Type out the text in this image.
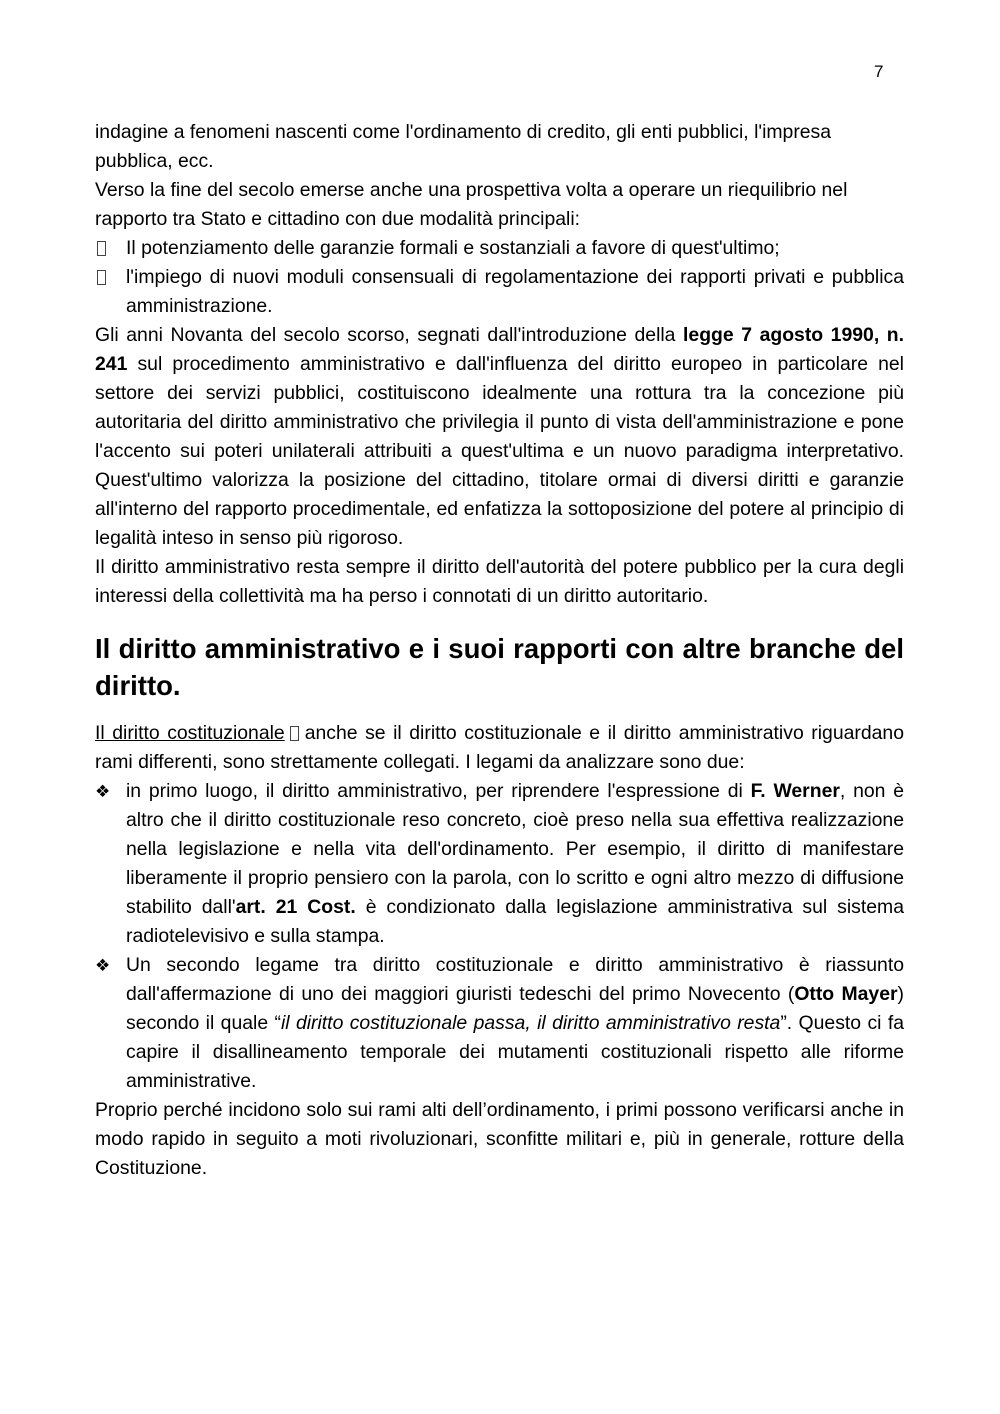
7

indagine a fenomeni nascenti come l'ordinamento di credito, gli enti pubblici, l'impresa pubblica, ecc.

Verso la fine del secolo emerse anche una prospettiva volta a operare un riequilibrio nel rapporto tra Stato e cittadino con due modalità principali:

Il potenziamento delle garanzie formali e sostanziali a favore di quest'ultimo;
l'impiego di nuovi moduli consensuali di regolamentazione dei rapporti privati e pubblica amministrazione.

Gli anni Novanta del secolo scorso, segnati dall'introduzione della legge 7 agosto 1990, n. 241 sul procedimento amministrativo e dall'influenza del diritto europeo in particolare nel settore dei servizi pubblici, costituiscono idealmente una rottura tra la concezione più autoritaria del diritto amministrativo che privilegia il punto di vista dell'amministrazione e pone l'accento sui poteri unilaterali attribuiti a quest'ultima e un nuovo paradigma interpretativo. Quest'ultimo valorizza la posizione del cittadino, titolare ormai di diversi diritti e garanzie all'interno del rapporto procedimentale, ed enfatizza la sottoposizione del potere al principio di legalità inteso in senso più rigoroso.

Il diritto amministrativo resta sempre il diritto dell'autorità del potere pubblico per la cura degli interessi della collettività ma ha perso i connotati di un diritto autoritario.

Il diritto amministrativo e i suoi rapporti con altre branche del diritto.

Il diritto costituzionale anche se il diritto costituzionale e il diritto amministrativo riguardano rami differenti, sono strettamente collegati. I legami da analizzare sono due:

❖ in primo luogo, il diritto amministrativo, per riprendere l'espressione di F. Werner, non è altro che il diritto costituzionale reso concreto, cioè preso nella sua effettiva realizzazione nella legislazione e nella vita dell'ordinamento. Per esempio, il diritto di manifestare liberamente il proprio pensiero con la parola, con lo scritto e ogni altro mezzo di diffusione stabilito dall'art. 21 Cost. è condizionato dalla legislazione amministrativa sul sistema radiotelevisivo e sulla stampa.
❖ Un secondo legame tra diritto costituzionale e diritto amministrativo è riassunto dall'affermazione di uno dei maggiori giuristi tedeschi del primo Novecento (Otto Mayer) secondo il quale “il diritto costituzionale passa, il diritto amministrativo resta”. Questo ci fa capire il disallineamento temporale dei mutamenti costituzionali rispetto alle riforme amministrative.

Proprio perché incidono solo sui rami alti dell’ordinamento, i primi possono verificarsi anche in modo rapido in seguito a moti rivoluzionari, sconfitte militari e, più in generale, rotture della Costituzione.
